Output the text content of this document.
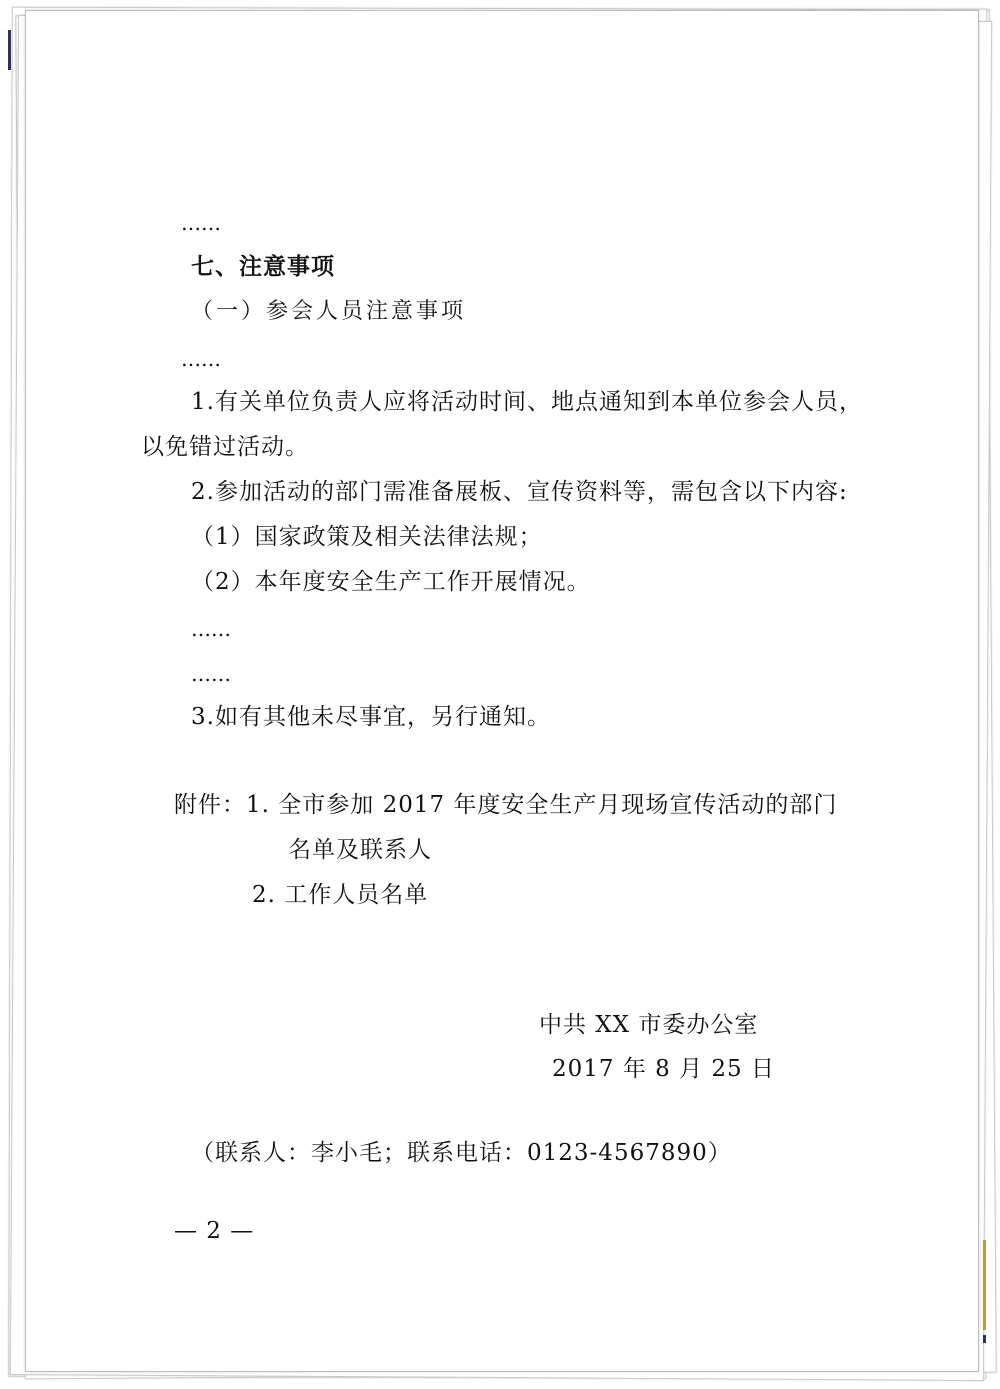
……
七、注意事项
（一）参会人员注意事项
……
1.有关单位负责人应将活动时间、地点通知到本单位参会人员，
以免错过活动。
2.参加活动的部门需准备展板、宣传资料等，需包含以下内容:
（1）国家政策及相关法律法规；
（2）本年度安全生产工作开展情况。
……
……
3.如有其他未尽事宜，另行通知。
附件：1. 全市参加 2017 年度安全生产月现场宣传活动的部门
名单及联系人
2. 工作人员名单
中共 XX 市委办公室
2017 年 8 月 25 日
（联系人：李小毛；联系电话：0123-4567890）
— 2 —
